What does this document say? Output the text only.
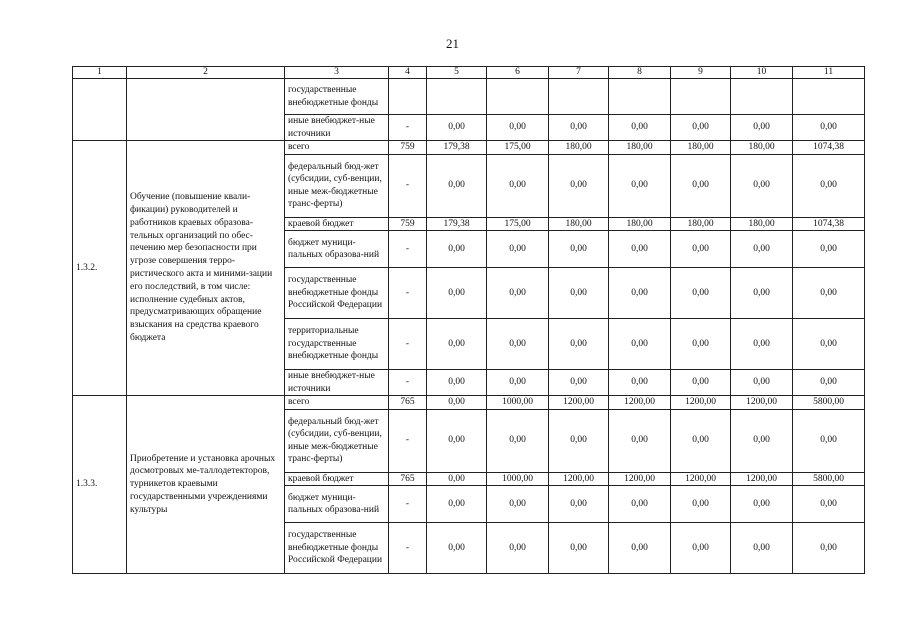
21
1	2	3	4	5	6	7	8	9	10	11
		государственные внебюджетные фонды								
		иные внебюджет-ные источники	-	0,00	0,00	0,00	0,00	0,00	0,00	0,00
1.3.2.	Обучение (повышение квали-фикации) руководителей и работников краевых образова-тельных организаций по обес-печению мер безопасности при угрозе совершения терро-ристического акта и миними-зации его последствий, в том числе: исполнение судебных актов, предусматривающих обращение взыскания на средства краевого бюджета	всего	759	179,38	175,00	180,00	180,00	180,00	180,00	1074,38
		федеральный бюд-жет (субсидии, суб-венции, иные меж-бюджетные транс-ферты)	-	0,00	0,00	0,00	0,00	0,00	0,00	0,00
		краевой бюджет	759	179,38	175,00	180,00	180,00	180,00	180,00	1074,38
		бюджет муници-пальных образова-ний	-	0,00	0,00	0,00	0,00	0,00	0,00	0,00
		государственные внебюджетные фонды Российской Федерации	-	0,00	0,00	0,00	0,00	0,00	0,00	0,00
		территориальные государственные внебюджетные фонды	-	0,00	0,00	0,00	0,00	0,00	0,00	0,00
		иные внебюджет-ные источники	-	0,00	0,00	0,00	0,00	0,00	0,00	0,00
1.3.3.	Приобретение и установка арочных досмотровых ме-таллодетекторов, турникетов краевыми государственными учреждениями культуры	всего	765	0,00	1000,00	1200,00	1200,00	1200,00	1200,00	5800,00
		федеральный бюд-жет (субсидии, суб-венции, иные меж-бюджетные транс-ферты)	-	0,00	0,00	0,00	0,00	0,00	0,00	0,00
		краевой бюджет	765	0,00	1000,00	1200,00	1200,00	1200,00	1200,00	5800,00
		бюджет муници-пальных образова-ний	-	0,00	0,00	0,00	0,00	0,00	0,00	0,00
		государственные внебюджетные фонды Российской Федерации	-	0,00	0,00	0,00	0,00	0,00	0,00	0,00
